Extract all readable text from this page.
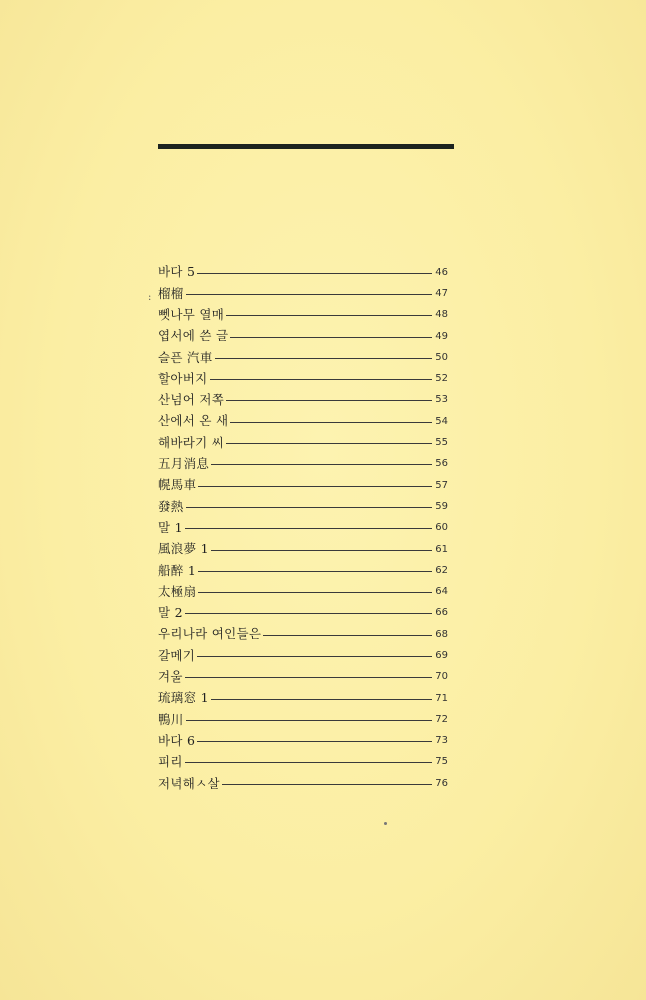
:
바다 5	46
榴榴	47
뻿나무 열매	48
엽서에 쓴 글	49
슬픈 汽車	50
할아버지	52
산넘어 저쪽	53
산에서 온 새	54
해바라기 씨	55
五月消息	56
幌馬車	57
發熱	59
말 1	60
風浪夢 1	61
船醉 1	62
太極扇	64
말 2	66
우리나라 여인들은	68
갈메기	69
겨울	70
琉璃窓 1	71
鴨川	72
바다 6	73
피리	75
저녁해ㅅ살	76
